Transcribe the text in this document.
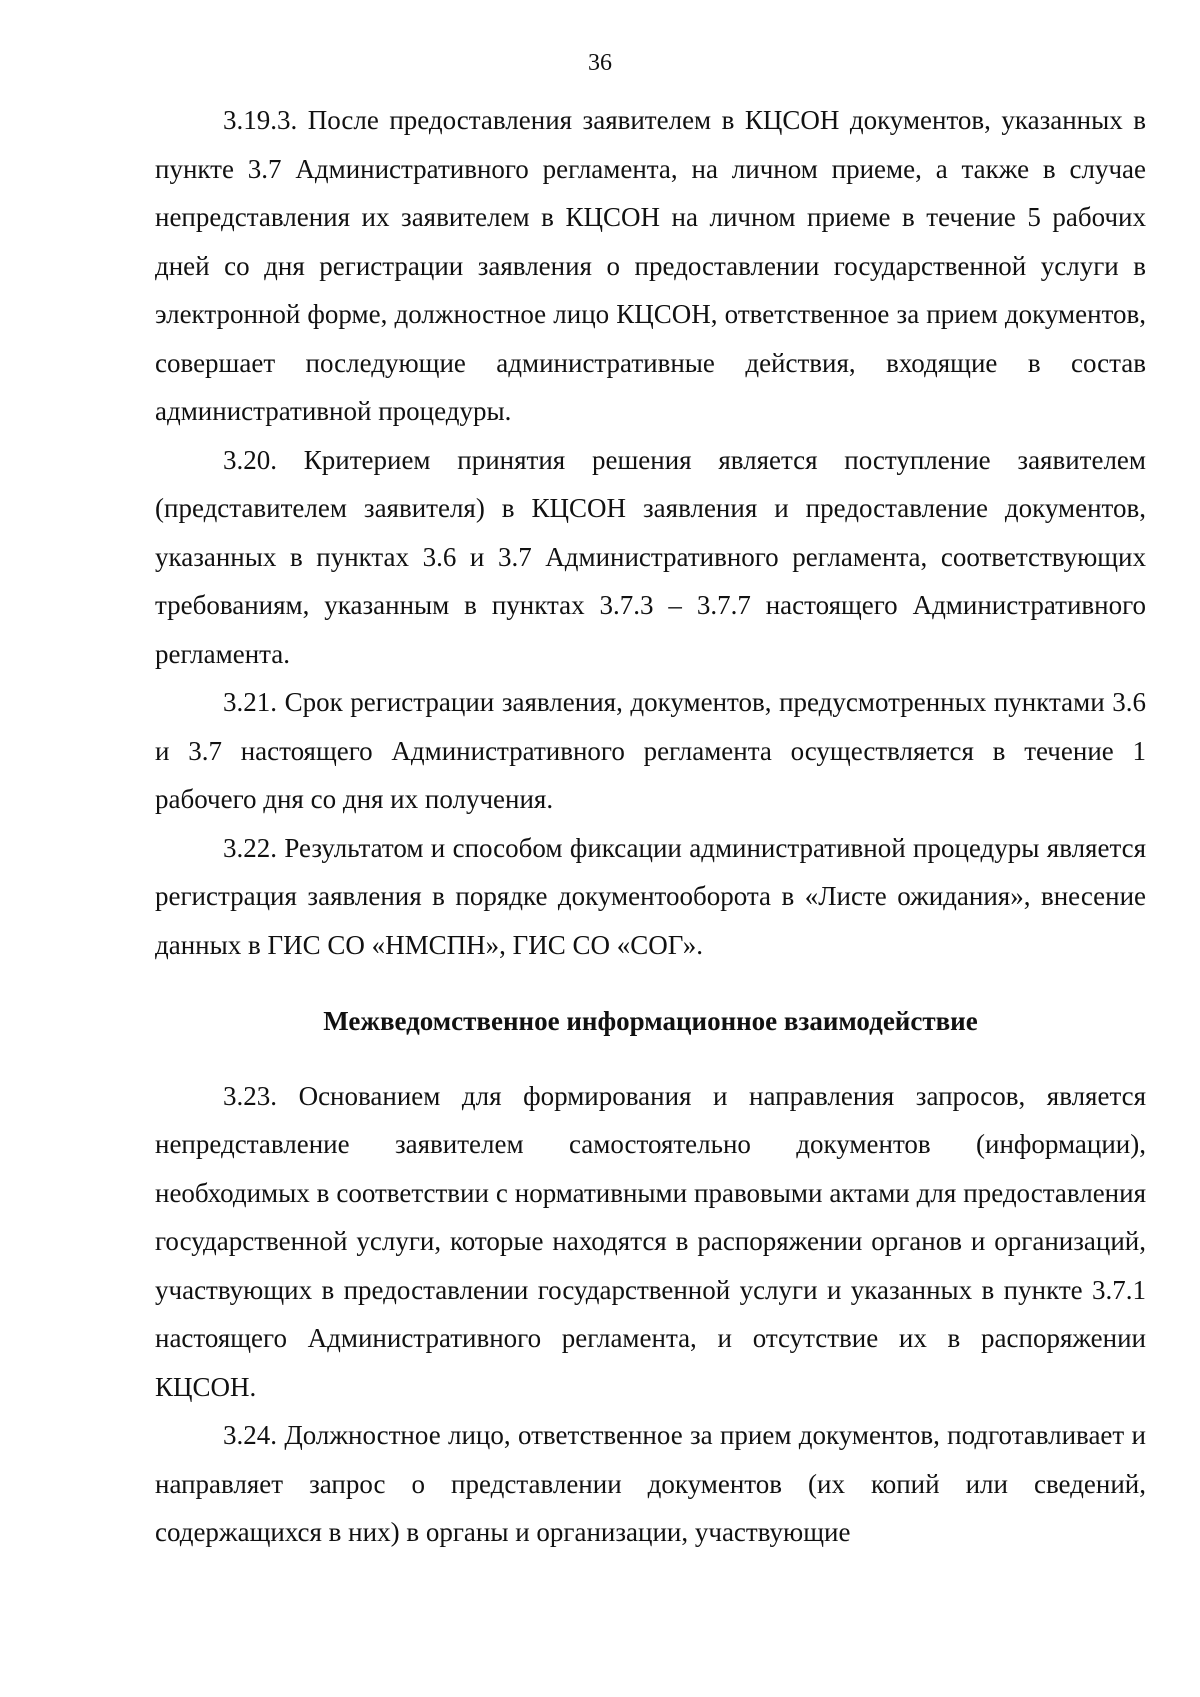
36

3.19.3. После предоставления заявителем в КЦСОН документов, указанных в пункте 3.7 Административного регламента, на личном приеме, а также в случае непредставления их заявителем в КЦСОН на личном приеме в течение 5 рабочих дней со дня регистрации заявления о предоставлении государственной услуги в электронной форме, должностное лицо КЦСОН, ответственное за прием документов, совершает последующие административные действия, входящие в состав административной процедуры.

3.20. Критерием принятия решения является поступление заявителем (представителем заявителя) в КЦСОН заявления и предоставление документов, указанных в пунктах 3.6 и 3.7 Административного регламента, соответствующих требованиям, указанным в пунктах 3.7.3 – 3.7.7 настоящего Административного регламента.

3.21. Срок регистрации заявления, документов, предусмотренных пунктами 3.6 и 3.7 настоящего Административного регламента осуществляется в течение 1 рабочего дня со дня их получения.

3.22. Результатом и способом фиксации административной процедуры является регистрация заявления в порядке документооборота в «Листе ожидания», внесение данных в ГИС СО «НМСПН», ГИС СО «СОГ».

Межведомственное информационное взаимодействие

3.23. Основанием для формирования и направления запросов, является непредставление заявителем самостоятельно документов (информации), необходимых в соответствии с нормативными правовыми актами для предоставления государственной услуги, которые находятся в распоряжении органов и организаций, участвующих в предоставлении государственной услуги и указанных в пункте 3.7.1 настоящего Административного регламента, и отсутствие их в распоряжении КЦСОН.

3.24. Должностное лицо, ответственное за прием документов, подготавливает и направляет запрос о представлении документов (их копий или сведений, содержащихся в них) в органы и организации, участвующие
